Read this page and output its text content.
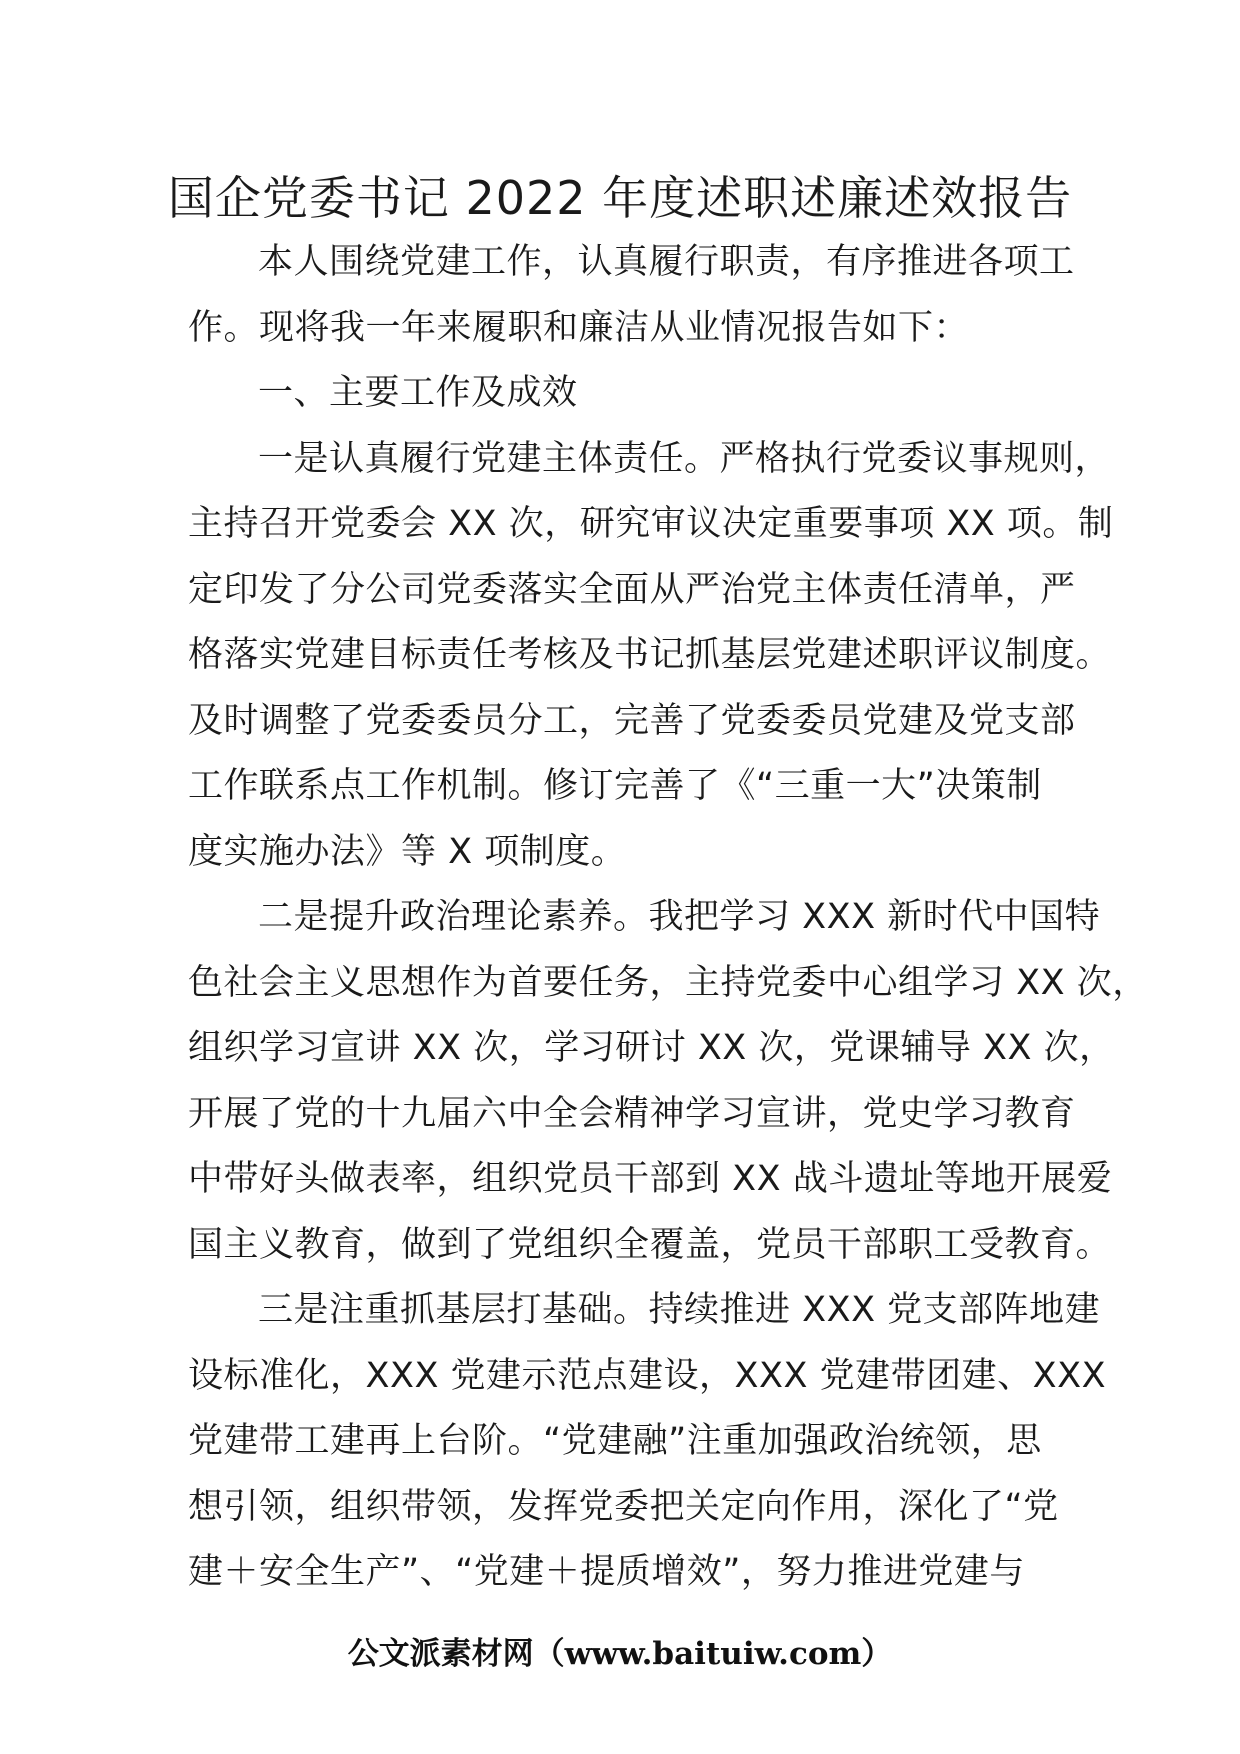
国企党委书记 2022 年度述职述廉述效报告
本人围绕党建工作，认真履行职责，有序推进各项工
作。现将我一年来履职和廉洁从业情况报告如下：
一、主要工作及成效
一是认真履行党建主体责任。严格执行党委议事规则，
主持召开党委会 XX 次，研究审议决定重要事项 XX 项。制
定印发了分公司党委落实全面从严治党主体责任清单，严
格落实党建目标责任考核及书记抓基层党建述职评议制度。
及时调整了党委委员分工，完善了党委委员党建及党支部
工作联系点工作机制。修订完善了《“三重一大”决策制
度实施办法》等 X 项制度。
二是提升政治理论素养。我把学习 XXX 新时代中国特
色社会主义思想作为首要任务，主持党委中心组学习 XX 次，
组织学习宣讲 XX 次，学习研讨 XX 次，党课辅导 XX 次，
开展了党的十九届六中全会精神学习宣讲，党史学习教育
中带好头做表率，组织党员干部到 XX 战斗遗址等地开展爱
国主义教育，做到了党组织全覆盖，党员干部职工受教育。
三是注重抓基层打基础。持续推进 XXX 党支部阵地建
设标准化，XXX 党建示范点建设，XXX 党建带团建、XXX
党建带工建再上台阶。“党建融”注重加强政治统领，思
想引领，组织带领，发挥党委把关定向作用，深化了“党
建＋安全生产”、“党建＋提质增效”，努力推进党建与
公文派素材网（www.baituiw.com）
